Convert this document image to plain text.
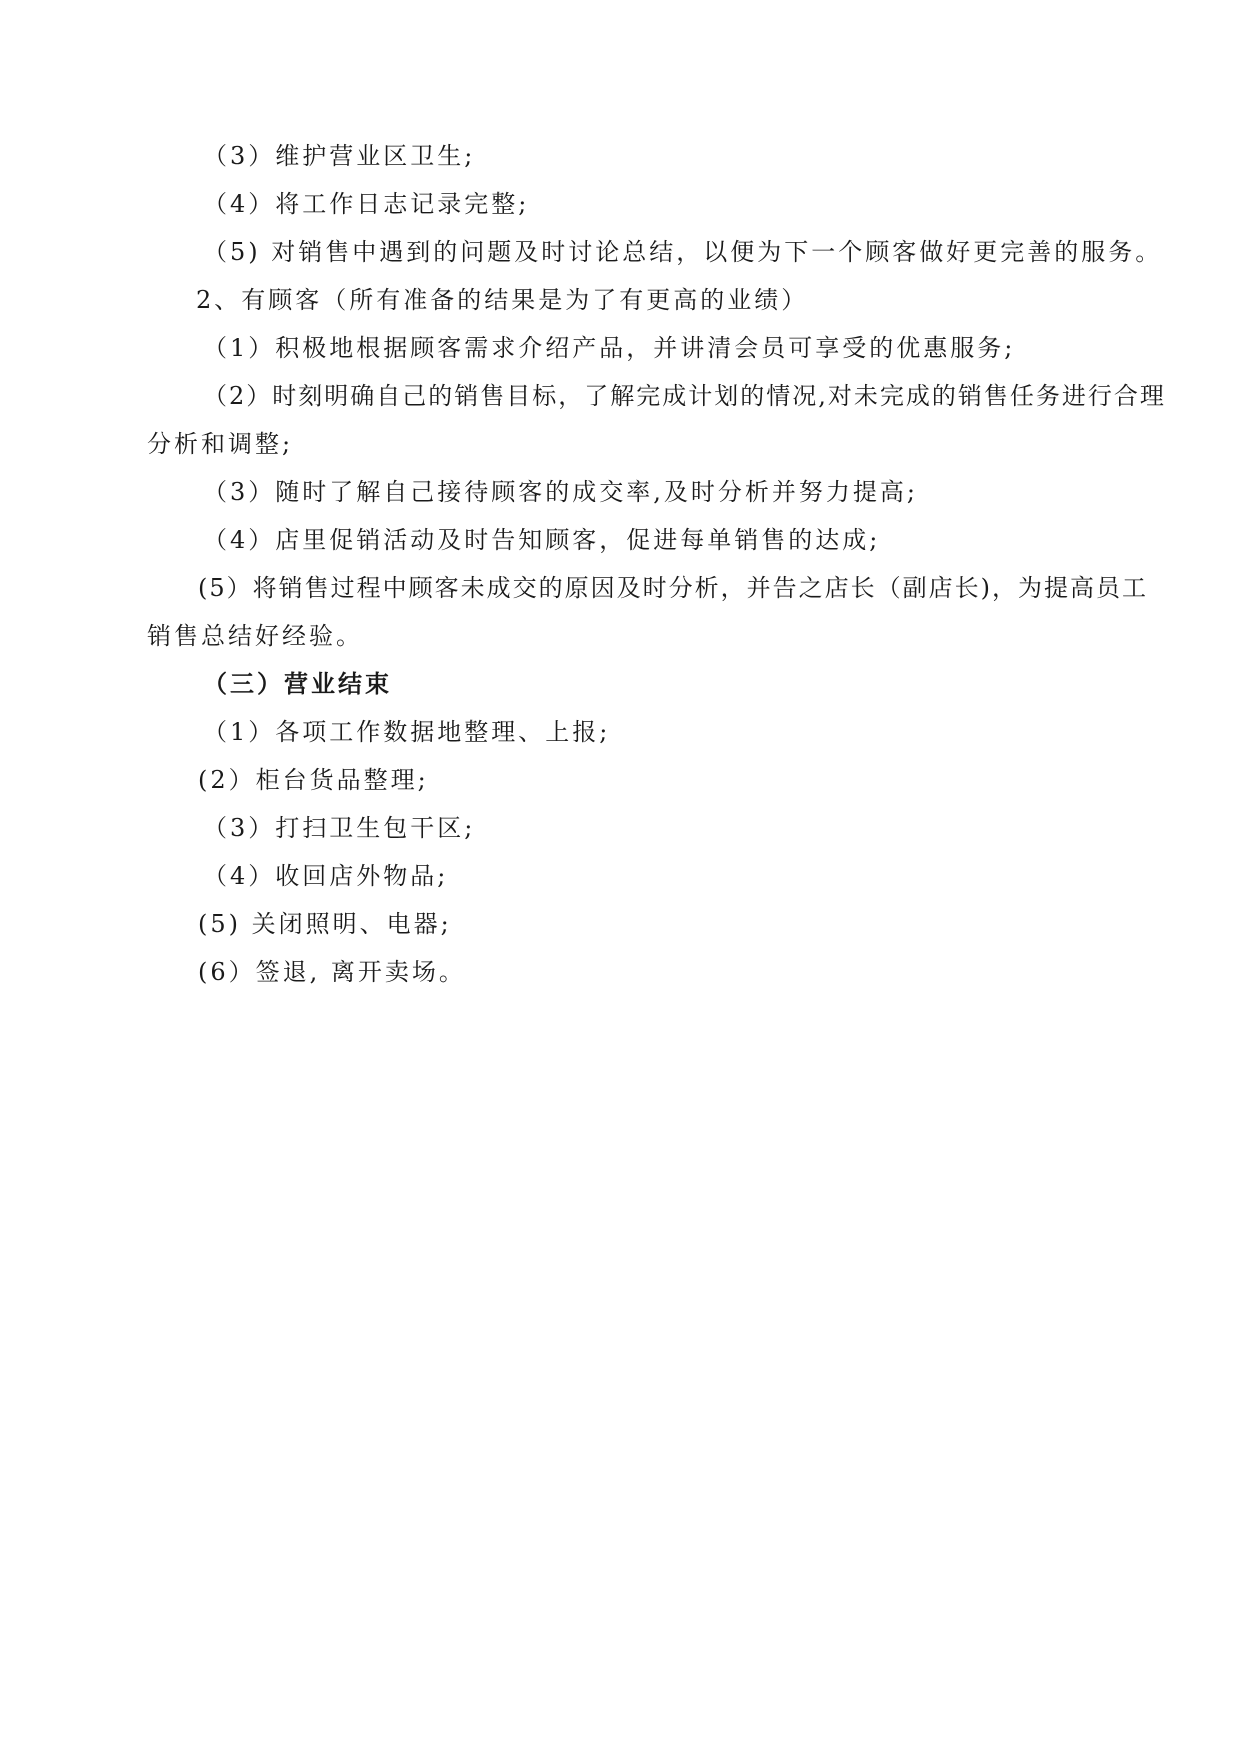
（3）维护营业区卫生;
（4）将工作日志记录完整;
（5) 对销售中遇到的问题及时讨论总结，以便为下一个顾客做好更完善的服务。
2、有顾客（所有准备的结果是为了有更高的业绩）
（1）积极地根据顾客需求介绍产品，并讲清会员可享受的优惠服务;
（2）时刻明确自己的销售目标，了解完成计划的情况,对未完成的销售任务进行合理
分析和调整;
（3）随时了解自己接待顾客的成交率,及时分析并努力提高;
（4）店里促销活动及时告知顾客，促进每单销售的达成;
(5）将销售过程中顾客未成交的原因及时分析，并告之店长（副店长)，为提高员工
销售总结好经验。
（三）营业结束
（1）各项工作数据地整理、上报;
(2）柜台货品整理;
（3）打扫卫生包干区;
（4）收回店外物品;
(5) 关闭照明、电器;
(6）签退, 离开卖场。
